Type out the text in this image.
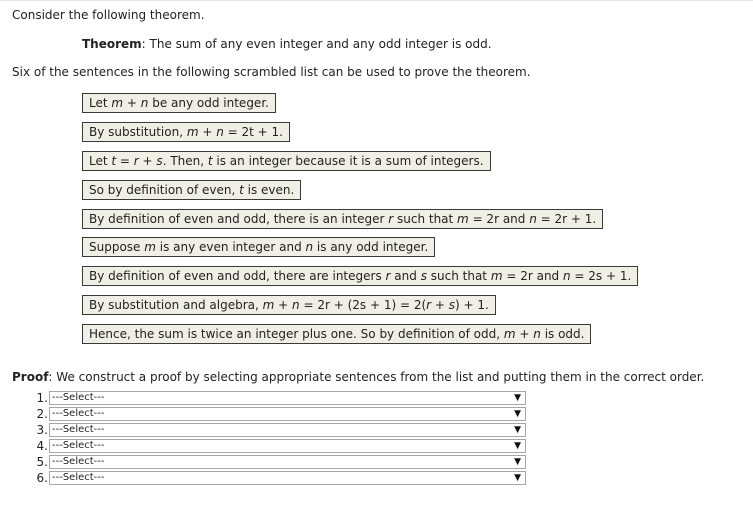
Consider the following theorem.
Theorem: The sum of any even integer and any odd integer is odd.
Six of the sentences in the following scrambled list can be used to prove the theorem.
Let m + n be any odd integer.
By substitution, m + n = 2t + 1.
Let t = r + s. Then, t is an integer because it is a sum of integers.
So by definition of even, t is even.
By definition of even and odd, there is an integer r such that m = 2r and n = 2r + 1.
Suppose m is any even integer and n is any odd integer.
By definition of even and odd, there are integers r and s such that m = 2r and n = 2s + 1.
By substitution and algebra, m + n = 2r + (2s + 1) = 2(r + s) + 1.
Hence, the sum is twice an integer plus one. So by definition of odd, m + n is odd.
Proof: We construct a proof by selecting appropriate sentences from the list and putting them in the correct order.
1. ---Select---	▼
2. ---Select---	▼
3. ---Select---	▼
4. ---Select---	▼
5. ---Select---	▼
6. ---Select---	▼
